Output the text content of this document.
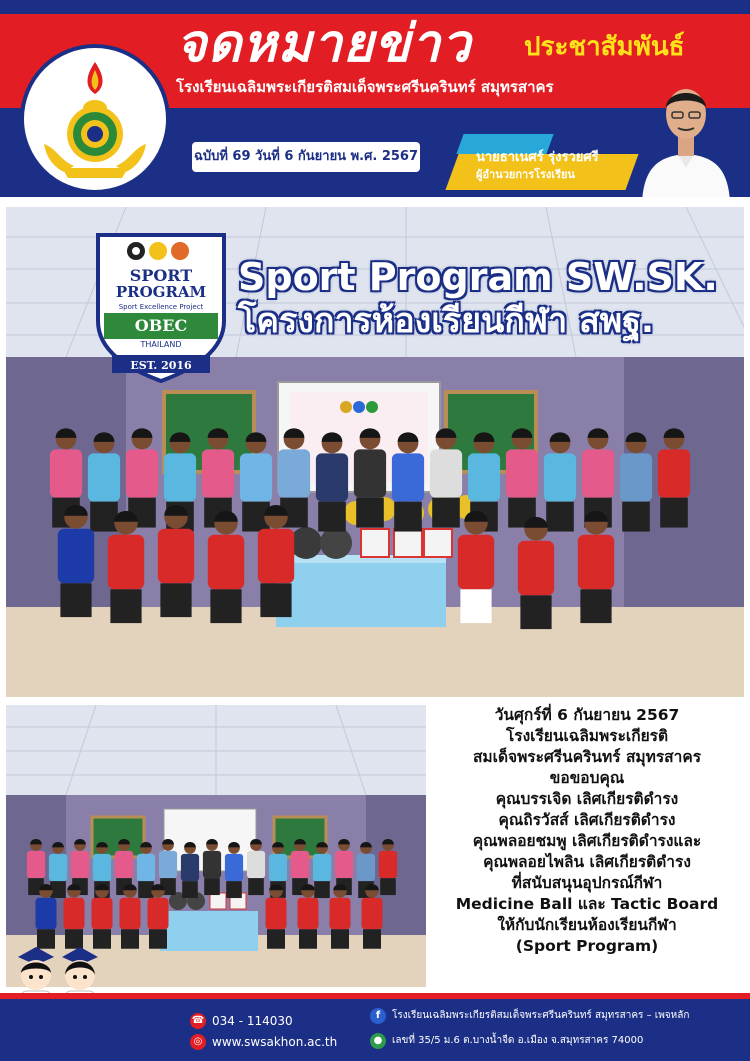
จดหมายข่าว ประชาสัมพันธ์
โรงเรียนเฉลิมพระเกียรติสมเด็จพระศรีนครินทร์ สมุทรสาคร
ฉบับที่ 69 วันที่ 6 กันยายน พ.ศ. 2567	นายธาเนศร์ รุ่งรวยศรี
ผู้อำนวยการโรงเรียน
SPORT
PROGRAM
Sport Excellence Project
OBEC
THAILAND
EST. 2016
Sport Program SW.SK.
โครงการห้องเรียนกีฬา สพฐ.
วันศุกร์ที่ 6 กันยายน 2567
โรงเรียนเฉลิมพระเกียรติ
สมเด็จพระศรีนครินทร์ สมุทรสาคร
ขอขอบคุณ
คุณบรรเจิด เลิศเกียรติดำรง
คุณถิรวัสส์ เลิศเกียรติดำรง
คุณพลอยชมพู เลิศเกียรติดำรงและ
คุณพลอยไพลิน เลิศเกียรติดำรง
ที่สนับสนุนอุปกรณ์กีฬา
Medicine Ball และ Tactic Board
ให้กับนักเรียนห้องเรียนกีฬา
(Sport Program)
☎ 034 - 114030
◎ www.swsakhon.ac.th
f	โรงเรียนเฉลิมพระเกียรติสมเด็จพระศรีนครินทร์ สมุทรสาคร – เพจหลัก
● เลขที่ 35/5 ม.6 ต.บางน้ำจืด อ.เมือง จ.สมุทรสาคร 74000
